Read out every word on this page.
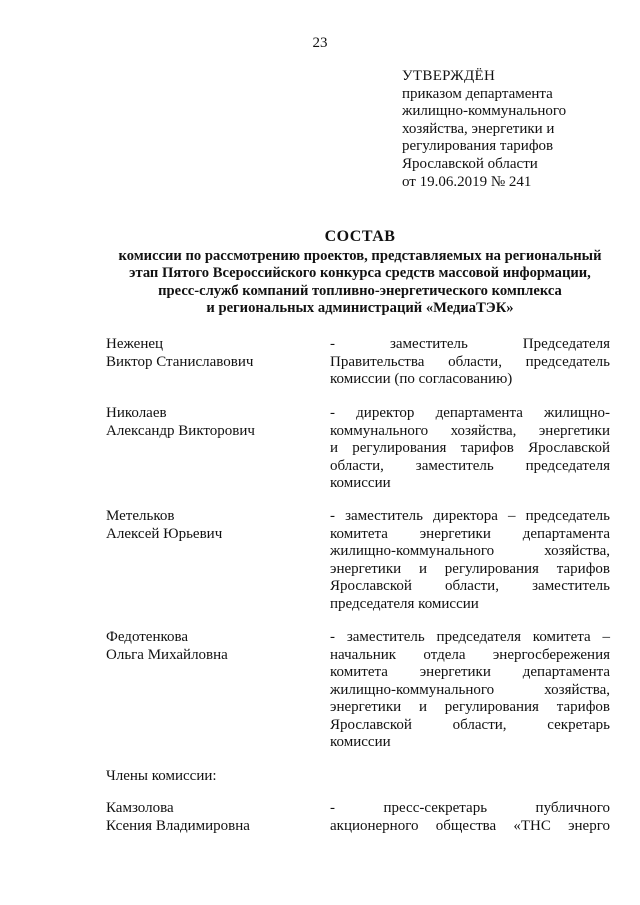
23
УТВЕРЖДЁН
приказом департамента
жилищно-коммунального
хозяйства, энергетики и
регулирования тарифов
Ярославской области
от 19.06.2019 № 241
СОСТАВ
комиссии по рассмотрению проектов, представляемых на региональный
этап Пятого Всероссийского конкурса средств массовой информации,
пресс-служб компаний топливно-энергетического комплекса
и региональных администраций «МедиаТЭК»
Неженец
Виктор Станиславович
- заместитель Председателя
Правительства области, председатель
комиссии (по согласованию)
Николаев
Александр Викторович
- директор департамента жилищно-
коммунального хозяйства, энергетики
и регулирования тарифов Ярославской
области, заместитель председателя
комиссии
Метельков
Алексей Юрьевич
- заместитель директора – председатель
комитета энергетики департамента
жилищно-коммунального хозяйства,
энергетики и регулирования тарифов
Ярославской области, заместитель
председателя комиссии
Федотенкова
Ольга Михайловна
- заместитель председателя комитета –
начальник отдела энергосбережения
комитета энергетики департамента
жилищно-коммунального хозяйства,
энергетики и регулирования тарифов
Ярославской области, секретарь
комиссии
Члены комиссии:
Камзолова
Ксения Владимировна
- пресс-секретарь публичного
акционерного общества «ТНС энерго
